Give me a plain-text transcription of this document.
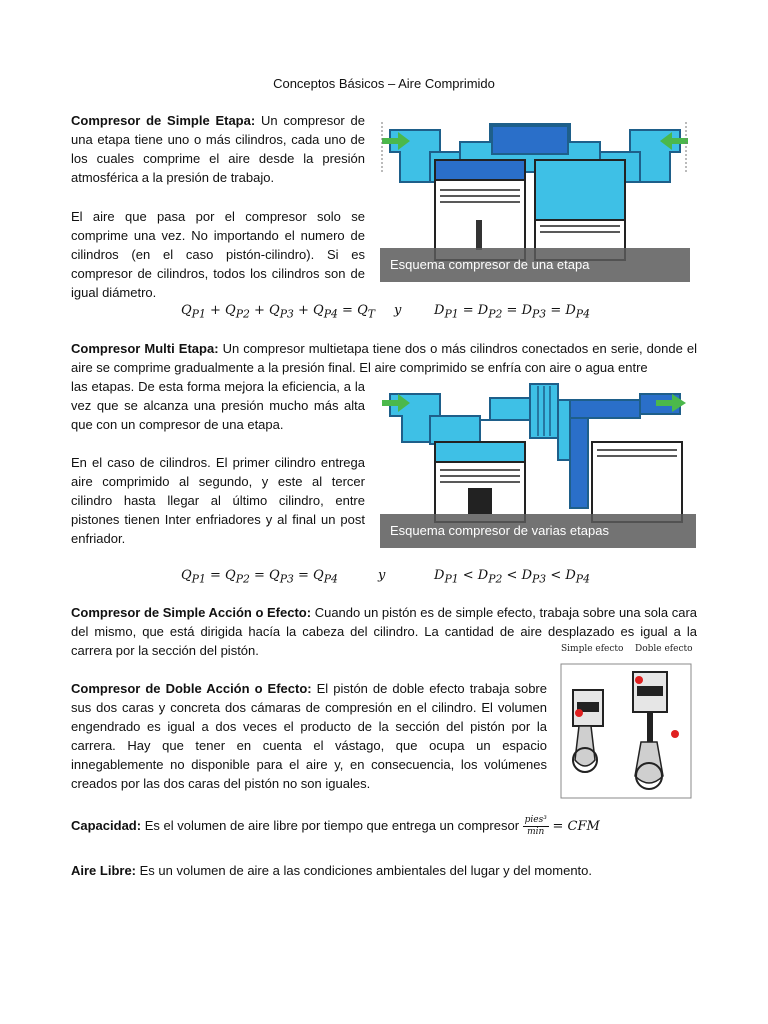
Conceptos Básicos – Aire Comprimido
Compresor de Simple Etapa: Un compresor de una etapa tiene uno o más cilindros, cada uno de los cuales comprime el aire desde la presión atmosférica a la presión de trabajo.
El aire que pasa por el compresor solo se comprime una vez. No importando el numero de cilindros (en el caso pistón-cilindro). Si es compresor de cilindros, todos los cilindros son de igual diámetro.
Esquema compresor de una etapa
$Q_{P1} + Q_{P2} + Q_{P3} + Q_{P4} = Q_T$ y	$D_{P1} = D_{P2} = D_{P3} = D_{P4}$
Compresor Multi Etapa: Un compresor multietapa tiene dos o más cilindros conectados en serie, donde el aire se comprime gradualmente a la presión final. El aire comprimido se enfría con aire o agua entre
las etapas. De esta forma mejora la eficiencia, a la vez que se alcanza una presión mucho más alta que con un compresor de una etapa.
En el caso de cilindros. El primer cilindro entrega aire comprimido al segundo, y este al tercer cilindro hasta llegar al último cilindro, entre pistones tienen Inter enfriadores y al final un post enfriador.
Esquema compresor de varias etapas
$Q_{P1} = Q_{P2} = Q_{P3} = Q_{P4}$	y	$D_{P1} < D_{P2} < D_{P3} < D_{P4}$
Compresor de Simple Acción o Efecto: Cuando un pistón es de simple efecto, trabaja sobre una sola cara del mismo, que está dirigida hacía la cabeza del cilindro. La cantidad de aire desplazado es igual a la carrera por la sección del pistón.	Simple efecto Doble efecto
Compresor de Doble Acción o Efecto: El pistón de doble efecto trabaja sobre sus dos caras y concreta dos cámaras de compresión en el cilindro. El volumen engendrado es igual a dos veces el producto de la sección del pistón por la carrera. Hay que tener en cuenta el vástago, que ocupa un espacio innegablemente no disponible para el aire y, en consecuencia, los volúmenes creados por las dos caras del pistón no son iguales.
Capacidad: Es el volumen de aire libre por tiempo que entrega un compresor $\frac{\text{pies³}}{\min}$ = CFM
Aire Libre: Es un volumen de aire a las condiciones ambientales del lugar y del momento.
